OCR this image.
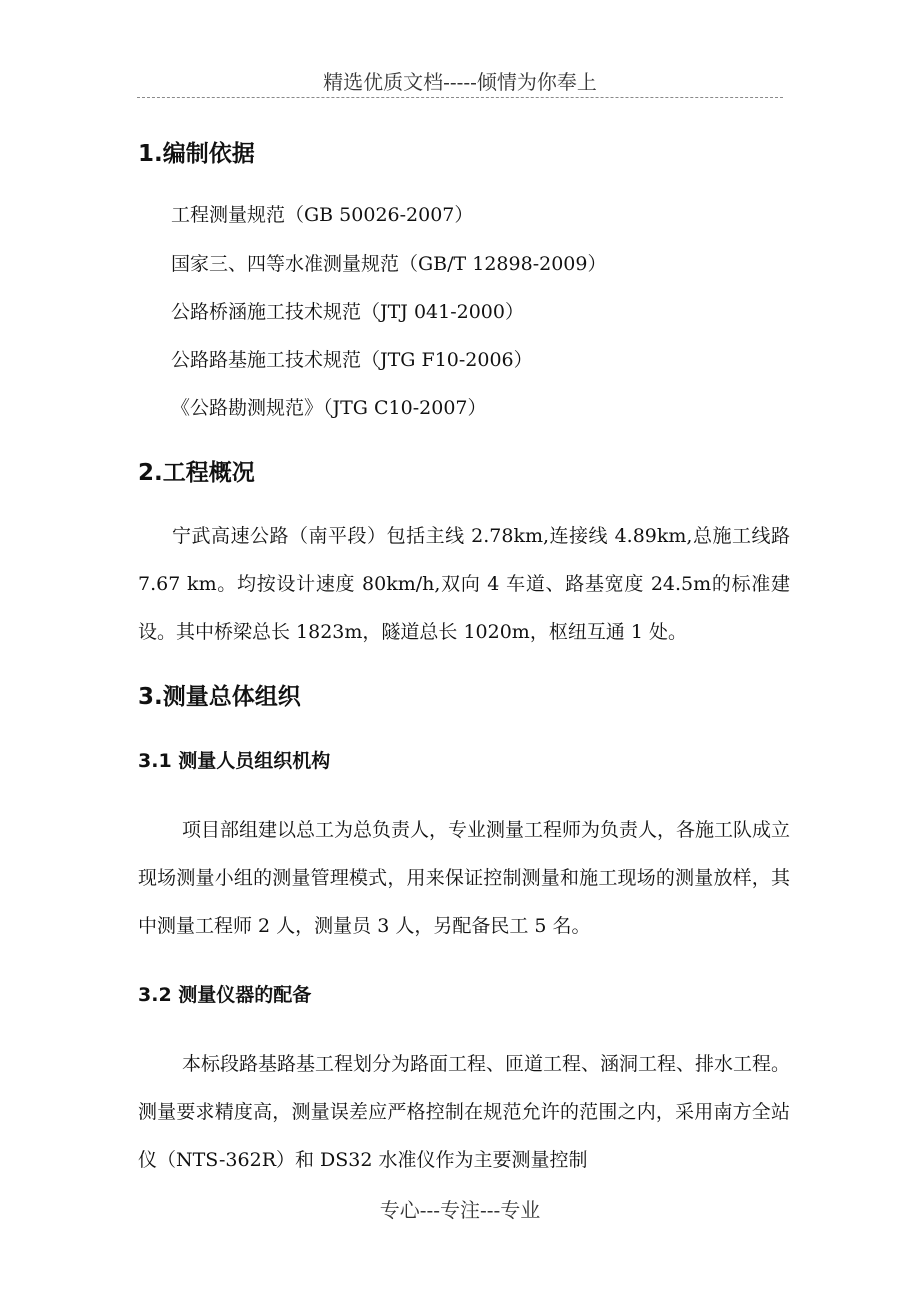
精选优质文档-----倾情为你奉上
1.编制依据
工程测量规范（GB 50026-2007）
国家三、四等水准测量规范（GB/T 12898-2009）
公路桥涵施工技术规范（JTJ 041-2000）
公路路基施工技术规范（JTG F10-2006）
《公路勘测规范》（JTG C10-2007）
2.工程概况

宁武高速公路（南平段）包括主线 2.78km,连接线 4.89km,总施工线路 7.67 km。均按设计速度 80km/h,双向 4 车道、路基宽度 24.5m的标准建设。其中桥梁总长 1823m，隧道总长 1020m，枢纽互通 1 处。

3.测量总体组织
3.1 测量人员组织机构

项目部组建以总工为总负责人，专业测量工程师为负责人，各施工队成立现场测量小组的测量管理模式，用来保证控制测量和施工现场的测量放样，其中测量工程师 2 人，测量员 3 人，另配备民工 5 名。

3.2 测量仪器的配备

本标段路基路基工程划分为路面工程、匝道工程、涵洞工程、排水工程。测量要求精度高，测量误差应严格控制在规范允许的范围之内，采用南方全站仪（NTS-362R）和 DS32 水准仪作为主要测量控制

专心---专注---专业
